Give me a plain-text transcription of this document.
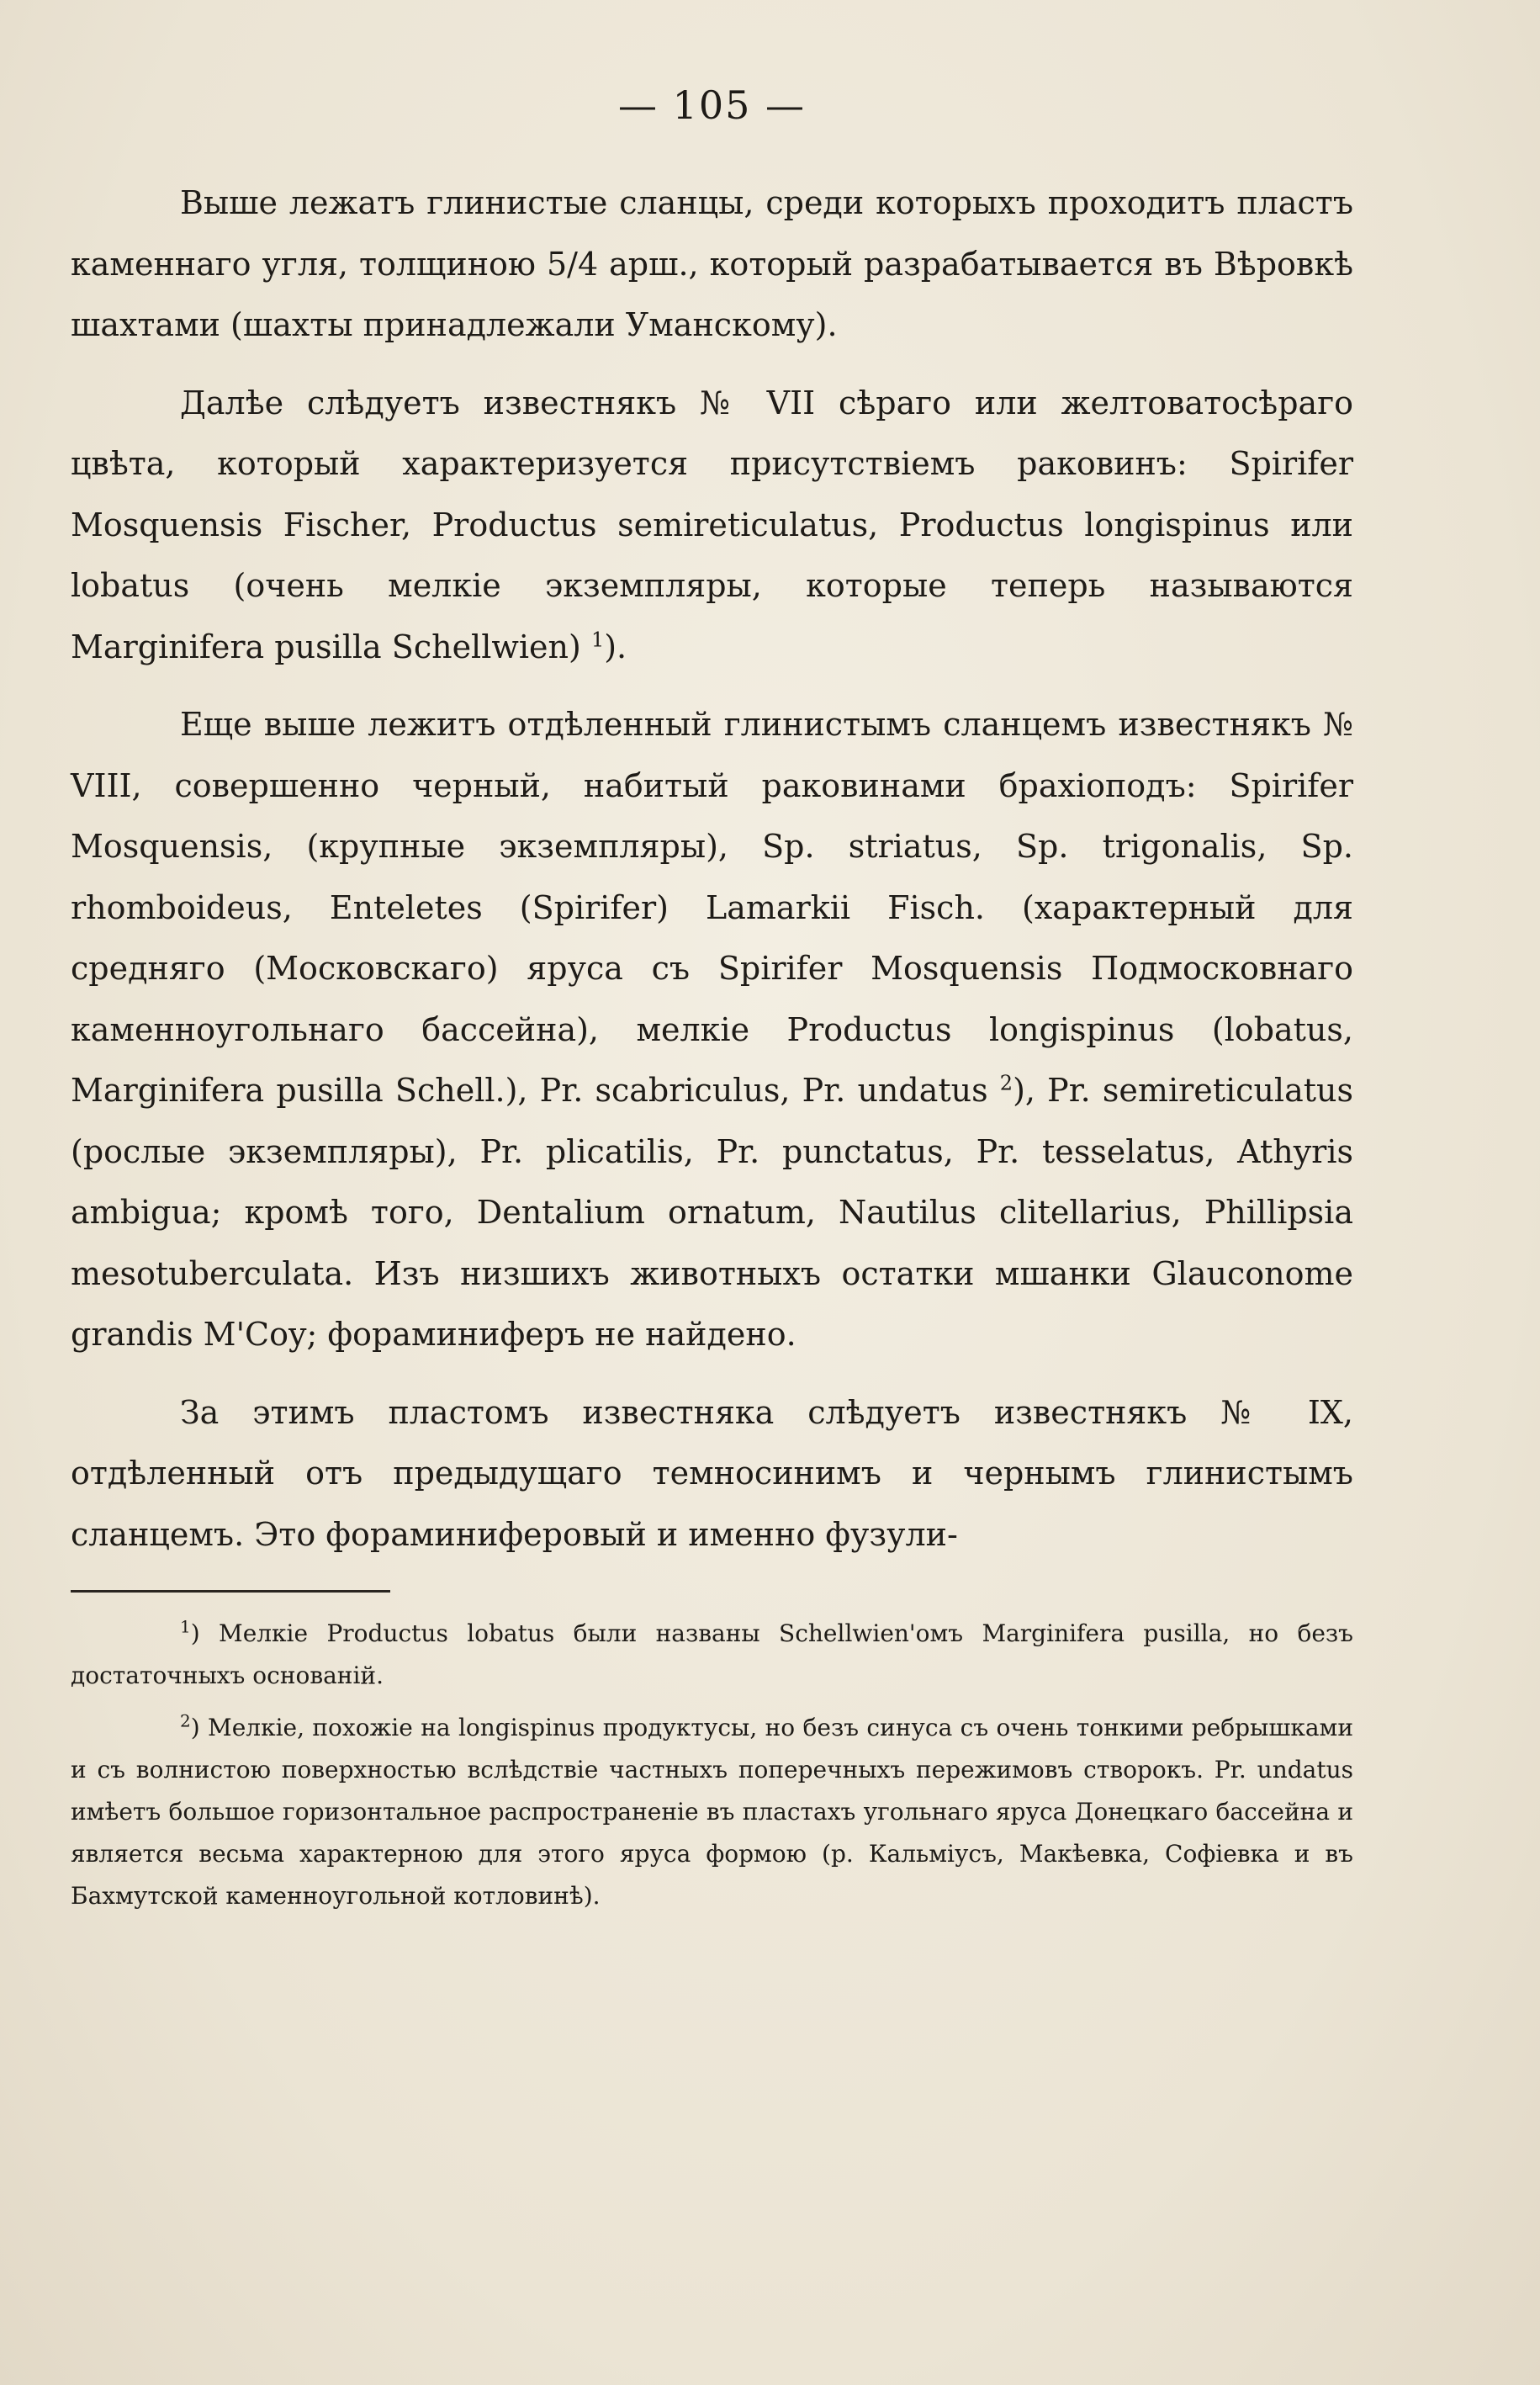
— 105 —

Выше лежатъ глинистые сланцы, среди которыхъ проходитъ пластъ каменнаго угля, толщиною 5/4 арш., который разрабатывается въ Вѣровкѣ шахтами (шахты принадлежали Уманскому).

Далѣе слѣдуетъ известнякъ № VII сѣраго или желтоватосѣраго цвѣта, который характеризуется присутствіемъ раковинъ: Spirifer Mosquensis Fischer, Productus semireticulatus, Productus longispinus или lobatus (очень мелкіе экземпляры, которые теперь называются Marginifera pusilla Schellwien) $^1$).

Еще выше лежитъ отдѣленный глинистымъ сланцемъ известнякъ № VIII, совершенно черный, набитый раковинами брахіоподъ: Spirifer Mosquensis, (крупные экземпляры), Sp. striatus, Sp. trigonalis, Sp. rhomboideus, Enteletes (Spirifer) Lamarkii Fisch. (характерный для средняго (Московскаго) яруса съ Spirifer Mosquensis Подмосковнаго каменноугольнаго бассейна), мелкіе Productus longispinus (lobatus, Marginifera pusilla Schell.), Pr. scabriculus, Pr. undatus $^2$), Pr. semireticulatus (рослые экземпляры), Pr. plicatilis, Pr. punctatus, Pr. tesselatus, Athyris ambigua; кромѣ того, Dentalium ornatum, Nautilus clitellarius, Phillipsia mesotuberculata. Изъ низшихъ животныхъ остатки мшанки Glauconome grandis M'Coy; фораминиферъ не найдено.

За этимъ пластомъ известняка слѣдуетъ известнякъ № IX, отдѣленный отъ предыдущаго темносинимъ и чернымъ глинистымъ сланцемъ. Это фораминиферовый и именно фузули-

$^1$) Мелкіе Productus lobatus были названы Schellwien'омъ Marginifera pusilla, но безъ достаточныхъ основаній.

$^2$) Мелкіе, похожіе на longispinus продуктусы, но безъ синуса съ очень тонкими ребрышками и съ волнистою поверхностью вслѣдствіе частныхъ поперечныхъ пережимовъ створокъ. Pr. undatus имѣетъ большое горизонтальное распространеніе въ пластахъ угольнаго яруса Донецкаго бассейна и является весьма характерною для этого яруса формою (р. Кальміусъ, Макѣевка, Софіевка и въ Бахмутской каменноугольной котловинѣ).
